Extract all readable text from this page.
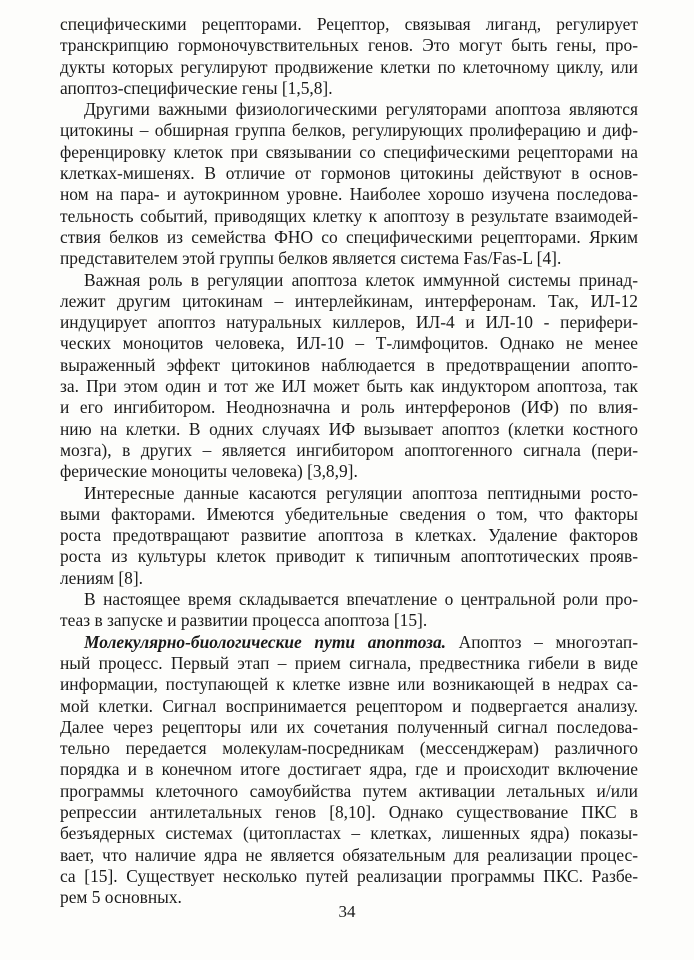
специфическими рецепторами. Рецептор, связывая лиганд, регулирует
транскрипцию гормоночувствительных генов. Это могут быть гены, про-
дукты которых регулируют продвижение клетки по клеточному циклу, или
апоптоз-специфические гены [1,5,8].
Другими важными физиологическими регуляторами апоптоза являются
цитокины – обширная группа белков, регулирующих пролиферацию и диф-
ференцировку клеток при связывании со специфическими рецепторами на
клетках-мишенях. В отличие от гормонов цитокины действуют в основ-
ном на пара- и аутокринном уровне. Наиболее хорошо изучена последова-
тельность событий, приводящих клетку к апоптозу в результате взаимодей-
ствия белков из семейства ФНО со специфическими рецепторами. Ярким
представителем этой группы белков является система Fas/Fas-L [4].
Важная роль в регуляции апоптоза клеток иммунной системы принад-
лежит другим цитокинам – интерлейкинам, интерферонам. Так, ИЛ-12
индуцирует апоптоз натуральных киллеров, ИЛ-4 и ИЛ-10 - перифери-
ческих моноцитов человека, ИЛ-10 – Т-лимфоцитов. Однако не менее
выраженный эффект цитокинов наблюдается в предотвращении апопто-
за. При этом один и тот же ИЛ может быть как индуктором апоптоза, так
и его ингибитором. Неоднозначна и роль интерферонов (ИФ) по влия-
нию на клетки. В одних случаях ИФ вызывает апоптоз (клетки костного
мозга), в других – является ингибитором апоптогенного сигнала (пери-
ферические моноциты человека) [3,8,9].
Интересные данные касаются регуляции апоптоза пептидными росто-
выми факторами. Имеются убедительные сведения о том, что факторы
роста предотвращают развитие апоптоза в клетках. Удаление факторов
роста из культуры клеток приводит к типичным апоптотических прояв-
лениям [8].
В настоящее время складывается впечатление о центральной роли про-
теаз в запуске и развитии процесса апоптоза [15].
Молекулярно-биологические пути апоптоза. Апоптоз – многоэтап-
ный процесс. Первый этап – прием сигнала, предвестника гибели в виде
информации, поступающей к клетке извне или возникающей в недрах са-
мой клетки. Сигнал воспринимается рецептором и подвергается анализу.
Далее через рецепторы или их сочетания полученный сигнал последова-
тельно передается молекулам-посредникам (мессенджерам) различного
порядка и в конечном итоге достигает ядра, где и происходит включение
программы клеточного самоубийства путем активации летальных и/или
репрессии антилетальных генов [8,10]. Однако существование ПКС в
безъядерных системах (цитопластах – клетках, лишенных ядра) показы-
вает, что наличие ядра не является обязательным для реализации процес-
са [15]. Существует несколько путей реализации программы ПКС. Разбе-
рем 5 основных.
34
